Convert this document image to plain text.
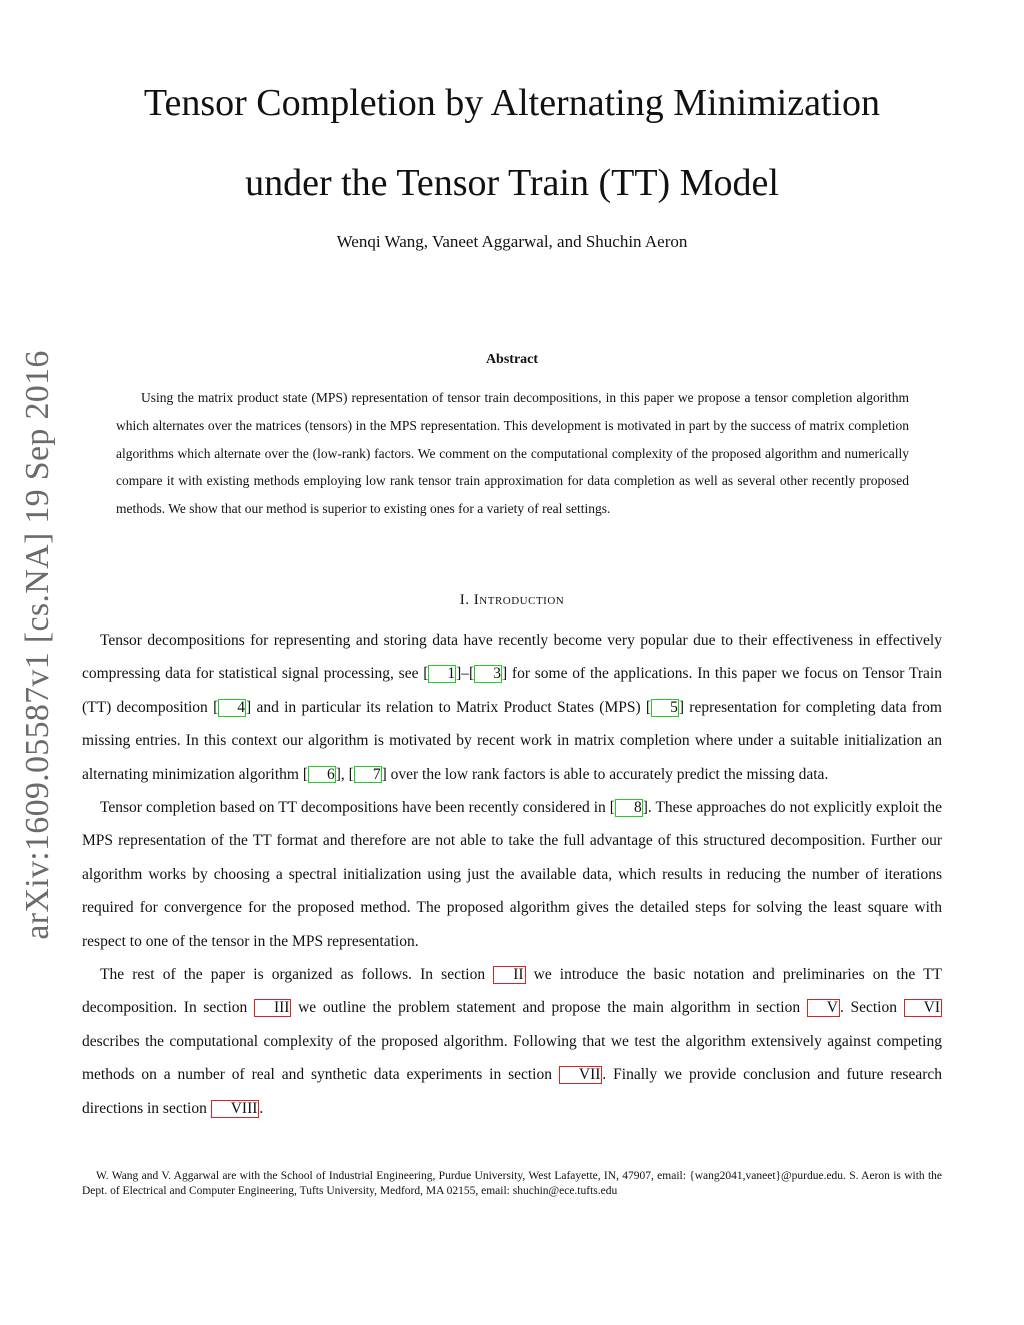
arXiv:1609.05587v1 [cs.NA] 19 Sep 2016
Tensor Completion by Alternating Minimization
under the Tensor Train (TT) Model
Wenqi Wang, Vaneet Aggarwal, and Shuchin Aeron
Abstract

Using the matrix product state (MPS) representation of tensor train decompositions, in this paper we propose a tensor completion algorithm which alternates over the matrices (tensors) in the MPS representation. This development is motivated in part by the success of matrix completion algorithms which alternate over the (low-rank) factors. We comment on the computational complexity of the proposed algorithm and numerically compare it with existing methods employing low rank tensor train approximation for data completion as well as several other recently proposed methods. We show that our method is superior to existing ones for a variety of real settings.

I. Introduction

Tensor decompositions for representing and storing data have recently become very popular due to their effectiveness in effectively compressing data for statistical signal processing, see [ 1]–[ 3] for some of the applications. In this paper we focus on Tensor Train (TT) decomposition [ 4] and in particular its relation to Matrix Product States (MPS) [ 5] representation for completing data from missing entries. In this context our algorithm is motivated by recent work in matrix completion where under a suitable initialization an alternating minimization algorithm [ 6], [ 7] over the low rank factors is able to accurately predict the missing data.

Tensor completion based on TT decompositions have been recently considered in [ 8]. These approaches do not explicitly exploit the MPS representation of the TT format and therefore are not able to take the full advantage of this structured decomposition. Further our algorithm works by choosing a spectral initialization using just the available data, which results in reducing the number of iterations required for convergence for the proposed method. The proposed algorithm gives the detailed steps for solving the least square with respect to one of the tensor in the MPS representation.

The rest of the paper is organized as follows. In section II we introduce the basic notation and preliminaries on the TT decomposition. In section III we outline the problem statement and propose the main algorithm in section V . Section VI describes the computational complexity of the proposed algorithm. Following that we test the algorithm extensively against competing methods on a number of real and synthetic data experiments in section VII . Finally we provide conclusion and future research directions in section VIII .

W. Wang and V. Aggarwal are with the School of Industrial Engineering, Purdue University, West Lafayette, IN, 47907, email: {wang2041,vaneet}@purdue.edu. S. Aeron is with the Dept. of Electrical and Computer Engineering, Tufts University, Medford, MA 02155, email: shuchin@ece.tufts.edu
